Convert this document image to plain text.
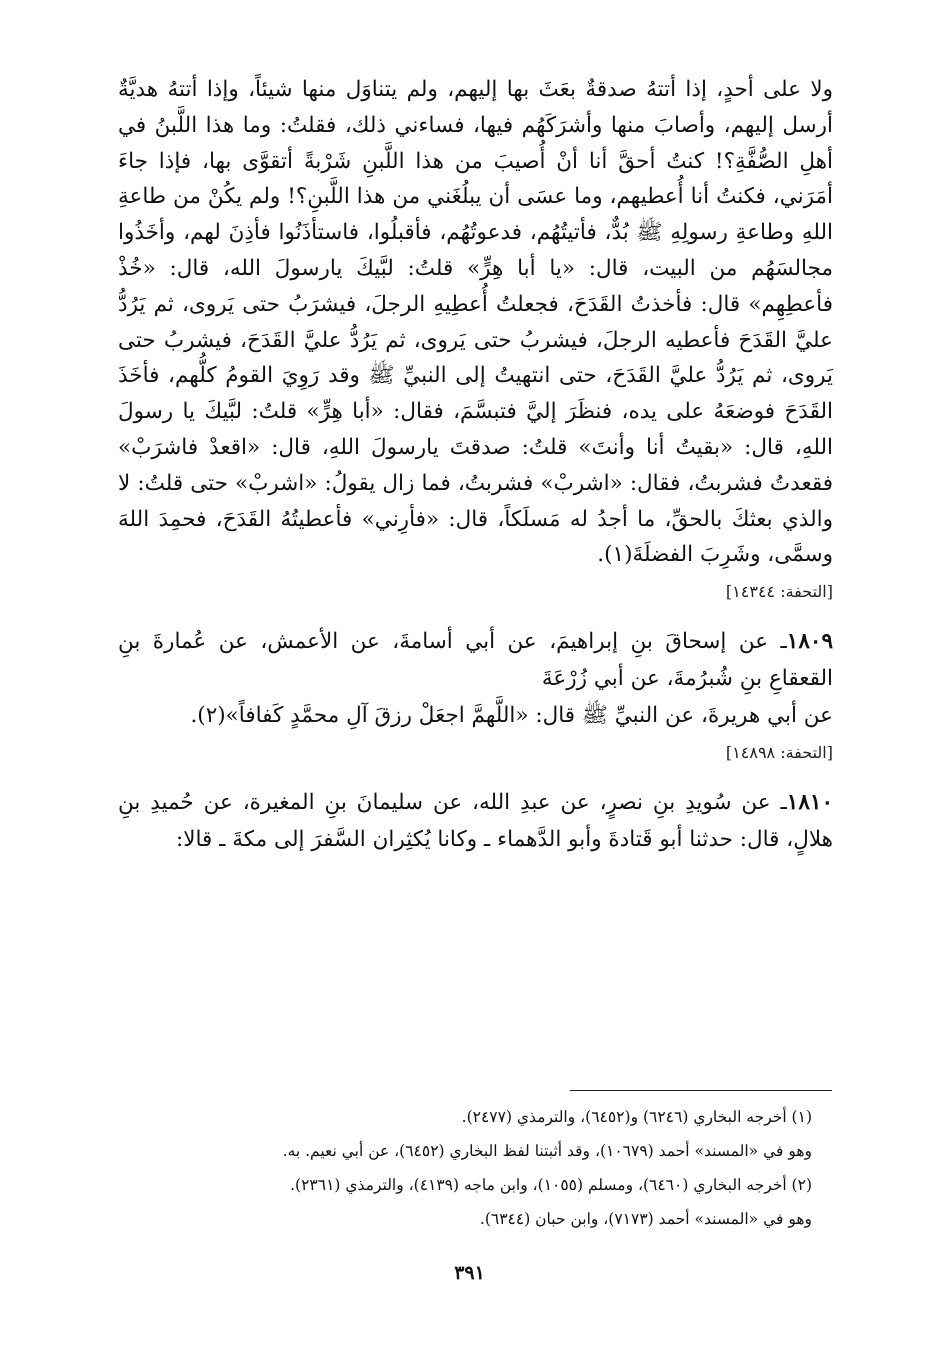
ولا على أحدٍ، إذا أتتهُ صدقةٌ بعَثَ بها إليهم، ولم يتناوَل منها شيئاً، وإذا أتتهُ هديَّةٌ أرسل إليهم، وأصابَ منها وأشرَكَهُم فيها، فساءني ذلك، فقلتُ: وما هذا اللَّبنُ في أهلِ الصُّفَّةِ؟! كنتُ أحقَّ أنا أنْ أُصيبَ من هذا اللَّبنِ شَرْبةً أتقوَّى بها، فإذا جاءَ أمَرَني، فكنتُ أنا أُعطيهم، وما عسَى أن يبلُغَني من هذا اللَّبنِ؟! ولم يكُنْ من طاعةِ اللهِ وطاعةِ رسولِهِ ﷺ بُدٌّ، فأتيتُهُم، فدعوتُهُم، فأقبلُوا، فاستأذَنُوا فأذِنَ لهم، وأخَذُوا مجالسَهُم من البيت، قال: «يا أبا هِرٍّ» قلتُ: لبَّيكَ يارسولَ الله، قال: «خُذْ فأعطِهِم» قال: فأخذتُ القَدَحَ، فجعلتُ أُعطِيهِ الرجلَ، فيشرَبُ حتى يَروى، ثم يَرُدُّ عليَّ القَدَحَ فأعطيه الرجلَ، فيشربُ حتى يَروى، ثم يَرُدُّ عليَّ القَدَحَ، فيشربُ حتى يَروى، ثم يَرُدُّ عليَّ القَدَحَ، حتى انتهيتُ إلى النبيِّ ﷺ وقد رَوِيَ القومُ كلُّهم، فأخَذَ القَدَحَ فوضعَهُ على يده، فنظَرَ إليَّ فتبسَّمَ، فقال: «أبا هِرٍّ» قلتُ: لبَّيكَ يا رسولَ اللهِ، قال: «بقيتُ أنا وأنتَ» قلتُ: صدقتَ يارسولَ اللهِ، قال: «اقعدْ فاشرَبْ» فقعدتُ فشربتُ، فقال: «اشربْ» فشربتُ، فما زال يقولُ: «اشربْ» حتى قلتُ: لا والذي بعثكَ بالحقِّ، ما أجدُ له مَسلَكاً، قال: «فأرِني» فأعطيتُهُ القَدَحَ، فحمِدَ اللهَ وسمَّى، وشَرِبَ الفضلَةَ(١).

[التحفة: ١٤٣٤٤]

١٨٠٩ـ عن إسحاقَ بنِ إبراهيمَ، عن أبي أسامةَ، عن الأعمش، عن عُمارةَ بنِ القعقاعِ بنِ شُبرُمةَ، عن أبي زُرْعَةَ

عن أبي هريرةَ، عن النبيِّ ﷺ قال: «اللَّهمَّ اجعَلْ رزقَ آلِ محمَّدٍ كَفافاً»(٢).

[التحفة: ١٤٨٩٨]

١٨١٠ـ عن سُويدِ بنِ نصرٍ، عن عبدِ الله، عن سليمانَ بنِ المغيرة، عن حُميدِ بنِ هلالٍ، قال: حدثنا أبو قَتادةَ وأبو الدَّهماء ـ وكانا يُكثِران السَّفرَ إلى مكةَ ـ قالا:

(١) أخرجه البخاري (٦٢٤٦) و(٦٤٥٢)، والترمذي (٢٤٧٧).

وهو في «المسند» أحمد (١٠٦٧٩)، وقد أثبتنا لفظ البخاري (٦٤٥٢)، عن أبي نعيم. به.

(٢) أخرجه البخاري (٦٤٦٠)، ومسلم (١٠٥٥)، وابن ماجه (٤١٣٩)، والترمذي (٢٣٦١).

وهو في «المسند» أحمد (٧١٧٣)، وابن حبان (٦٣٤٤).

٣٩١
